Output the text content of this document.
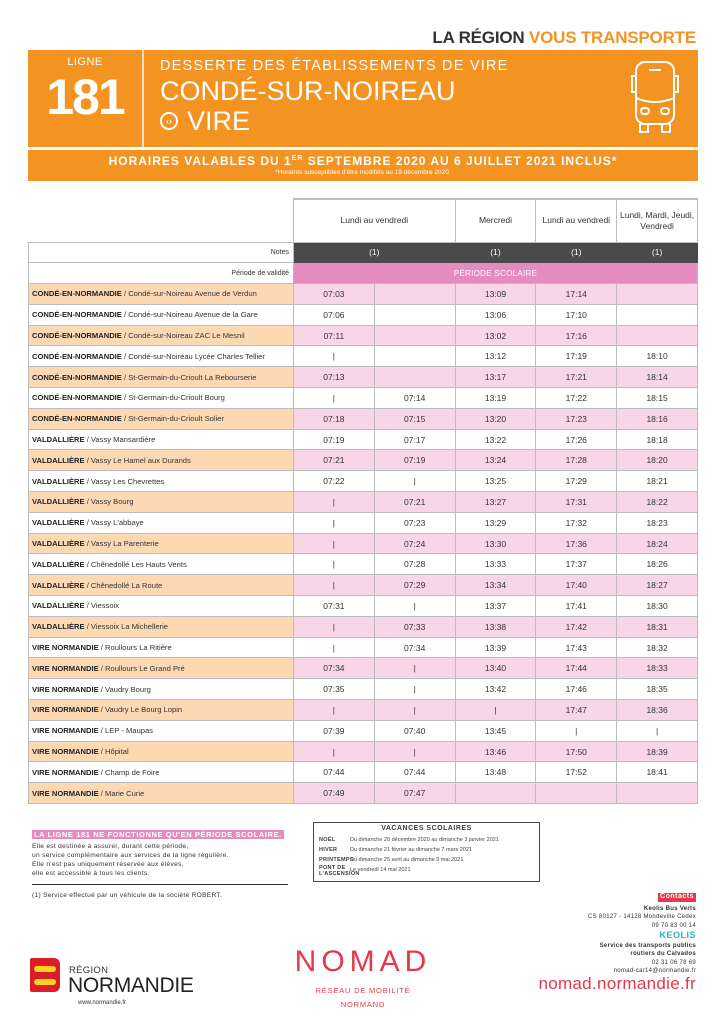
LA RÉGION VOUS TRANSPORTE
LIGNE
181
DESSERTE DES ÉTABLISSEMENTS DE VIRE
CONDÉ-SUR-NOIREAU
‹› VIRE
HORAIRES VALABLES DU 1ER SEPTEMBRE 2020 AU 6 JUILLET 2021 INCLUS*
*Horaires susceptibles d'être modifiés au 19 décembre 2020.
	Lundi au vendredi		Mercredi	Lundi au vendredi	Lundi, Mardi, Jeudi, Vendredi
Notes	(1)		(1)	(1)	(1)
Période de validité	PÉRIODE SCOLAIRE				
CONDÉ-EN-NORMANDIE / Condé-sur-Noireau Avenue de Verdun	07:03		13:09	17:14	
CONDÉ-EN-NORMANDIE / Condé-sur-Noireau Avenue de la Gare	07:06		13:06	17:10	
CONDÉ-EN-NORMANDIE / Condé-sur-Noireau ZAC Le Mesnil	07:11		13:02	17:16	
CONDÉ-EN-NORMANDIE / Condé-sur-Noireau Lycée Charles Tellier	|		13:12	17:19	18:10
CONDÉ-EN-NORMANDIE / St-Germain-du-Crioult La Rebourserie	07:13		13:17	17:21	18:14
CONDÉ-EN-NORMANDIE / St-Germain-du-Crioult Bourg	|	07:14	13:19	17:22	18:15
CONDÉ-EN-NORMANDIE / St-Germain-du-Crioult Solier	07:18	07:15	13:20	17:23	18:16
VALDALLIÈRE / Vassy Mansardière	07:19	07:17	13:22	17:26	18:18
VALDALLIÈRE / Vassy Le Hamel aux Durands	07:21	07:19	13:24	17:28	18:20
VALDALLIÈRE / Vassy Les Chevrettes	07:22	|	13:25	17:29	18:21
VALDALLIÈRE / Vassy Bourg	|	07:21	13:27	17:31	18:22
VALDALLIÈRE / Vassy L'abbaye	|	07:23	13:29	17:32	18:23
VALDALLIÈRE / Vassy La Parenterie	|	07:24	13:30	17:36	18:24
VALDALLIÈRE / Chênedollé Les Hauts Vents	|	07:28	13:33	17:37	18:26
VALDALLIÈRE / Chênedollé La Route	|	07:29	13:34	17:40	18:27
VALDALLIÈRE / Viessoix	07:31	|	13:37	17:41	18:30
VALDALLIÈRE / Viessoix La Michellerie	|	07:33	13:38	17:42	18:31
VIRE NORMANDIE / Roullours La Ritière	|	07:34	13:39	17:43	18:32
VIRE NORMANDIE / Roullours Le Grand Pré	07:34	|	13:40	17:44	18:33
VIRE NORMANDIE / Vaudry Bourg	07:35	|	13:42	17:46	18:35
VIRE NORMANDIE / Vaudry Le Bourg Lopin	|	|	|	17:47	18:36
VIRE NORMANDIE / LEP - Maupas	07:39	07:40	13:45	|	|
VIRE NORMANDIE / Hôpital	|	|	13:46	17:50	18:39
VIRE NORMANDIE / Champ de Foire	07:44	07:44	13:48	17:52	18:41
VIRE NORMANDIE / Marie Curie	07:49	07:47			
LA LIGNE 181 NE FONCTIONNE QU'EN PÉRIODE SCOLAIRE.

Elle est destinée à assurer, durant cette période,

un service complémentaire aux services de la ligne régulière.

Elle n'est pas uniquement réservée aux élèves,

elle est accessible à tous les clients.

(1) Service effectué par un véhicule de la société ROBERT.

VACANCES SCOLAIRES
NOËL	Du dimanche 20 décembre 2020 au dimanche 3 janvier 2021
HIVER	Du dimanche 21 février au dimanche 7 mars 2021
PRINTEMPS
Du dimanche 25 avril au dimanche 9 mai 2021
PONT DE L'ASCENSION
Le vendredi 14 mai 2021
Contacts
Keolis Bus Verts
CS 80127 - 14128 Mondeville Cedex
09 70 83 00 14
KEOLIS
Service des transports publics
routiers du Calvados
02 31 06 78 69
nomad-car14@normandie.fr
RÉGION
NORMANDIE
www.normandie.fr
NOMAD
RÉSEAU DE MOBILITÉ
NORMAND
nomad.normandie.fr
